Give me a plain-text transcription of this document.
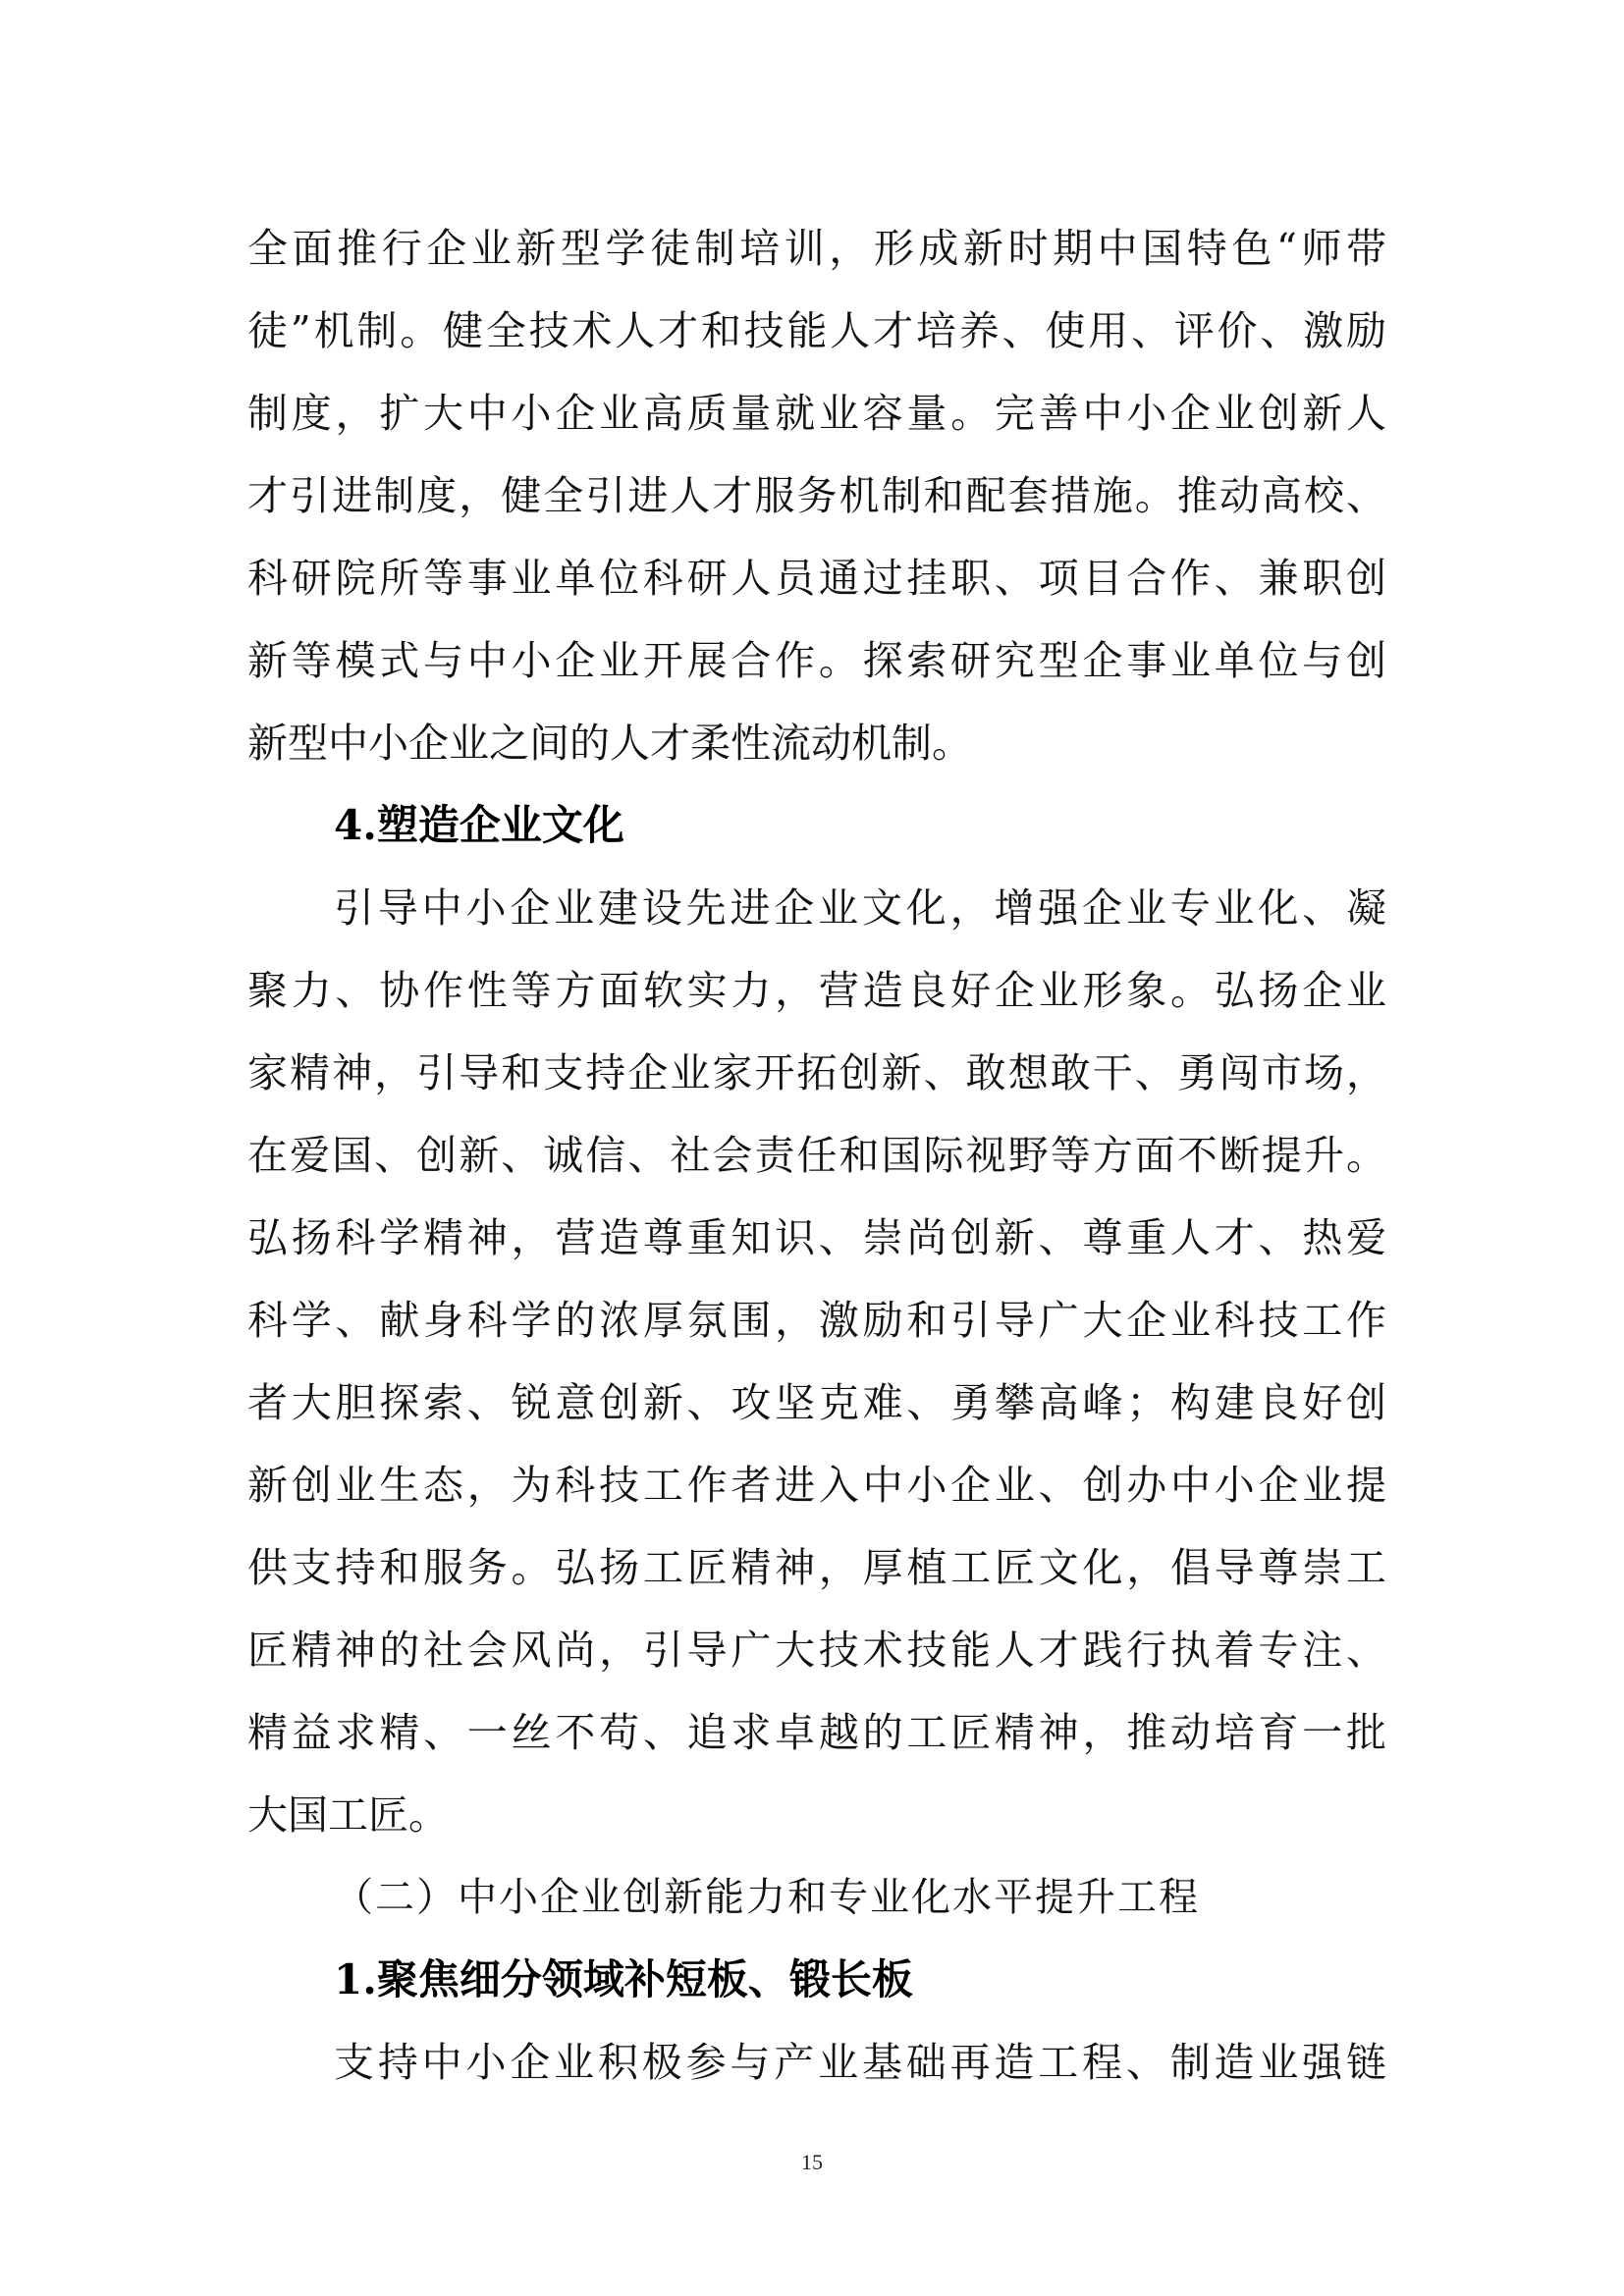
全面推行企业新型学徒制培训，形成新时期中国特色“师带
徒”机制。健全技术人才和技能人才培养、使用、评价、激励
制度，扩大中小企业高质量就业容量。完善中小企业创新人
才引进制度，健全引进人才服务机制和配套措施。推动高校、
科研院所等事业单位科研人员通过挂职、项目合作、兼职创
新等模式与中小企业开展合作。探索研究型企事业单位与创
新型中小企业之间的人才柔性流动机制。
4.塑造企业文化
引导中小企业建设先进企业文化，增强企业专业化、凝
聚力、协作性等方面软实力，营造良好企业形象。弘扬企业
家精神，引导和支持企业家开拓创新、敢想敢干、勇闯市场，
在爱国、创新、诚信、社会责任和国际视野等方面不断提升。
弘扬科学精神，营造尊重知识、崇尚创新、尊重人才、热爱
科学、献身科学的浓厚氛围，激励和引导广大企业科技工作
者大胆探索、锐意创新、攻坚克难、勇攀高峰；构建良好创
新创业生态，为科技工作者进入中小企业、创办中小企业提
供支持和服务。弘扬工匠精神，厚植工匠文化，倡导尊崇工
匠精神的社会风尚，引导广大技术技能人才践行执着专注、
精益求精、一丝不苟、追求卓越的工匠精神，推动培育一批
大国工匠。
（二）中小企业创新能力和专业化水平提升工程
1.聚焦细分领域补短板、锻长板
支持中小企业积极参与产业基础再造工程、制造业强链
15
